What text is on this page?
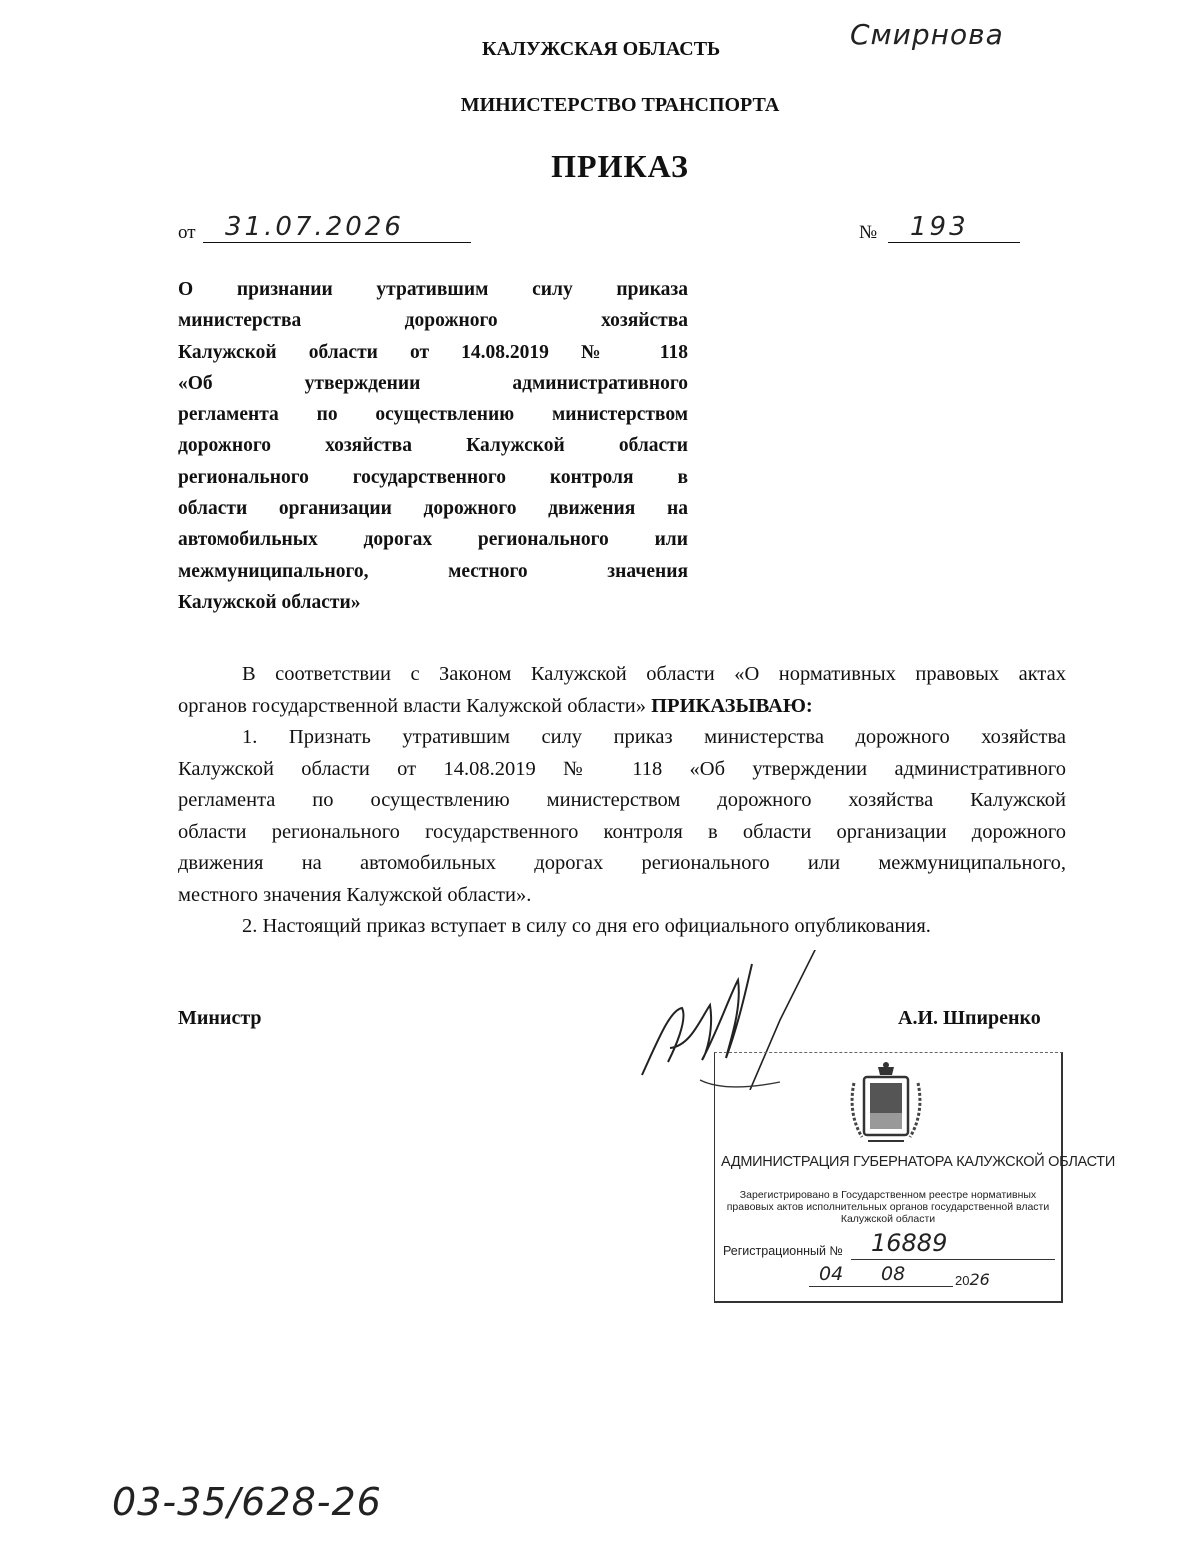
Смирнова
КАЛУЖСКАЯ ОБЛАСТЬ
МИНИСТЕРСТВО ТРАНСПОРТА
ПРИКАЗ
от 31.07.2026	№ 193
О признании утратившим силу приказа
министерства дорожного хозяйства
Калужской области от 14.08.2019 № 118
«Об утверждении административного
регламента по осуществлению министерством
дорожного хозяйства Калужской области
регионального государственного контроля в
области организации дорожного движения на
автомобильных дорогах регионального или
межмуниципального, местного значения
Калужской области»
В соответствии с Законом Калужской области «О нормативных правовых актах
органов государственной власти Калужской области» ПРИКАЗЫВАЮ:
1. Признать утратившим силу приказ министерства дорожного хозяйства
Калужской области от 14.08.2019 № 118 «Об утверждении административного
регламента по осуществлению министерством дорожного хозяйства Калужской
области регионального государственного контроля в области организации дорожного
движения на автомобильных дорогах регионального или межмуниципального,
местного значения Калужской области».
2. Настоящий приказ вступает в силу со дня его официального опубликования.
Министр	А.И. Шпиренко
АДМИНИСТРАЦИЯ ГУБЕРНАТОРА КАЛУЖСКОЙ ОБЛАСТИ
Зарегистрировано в Государственном реестре нормативных правовых актов исполнительных органов государственной власти Калужской области
Регистрационный № 16889
04 08	2026
03-35/628-26
